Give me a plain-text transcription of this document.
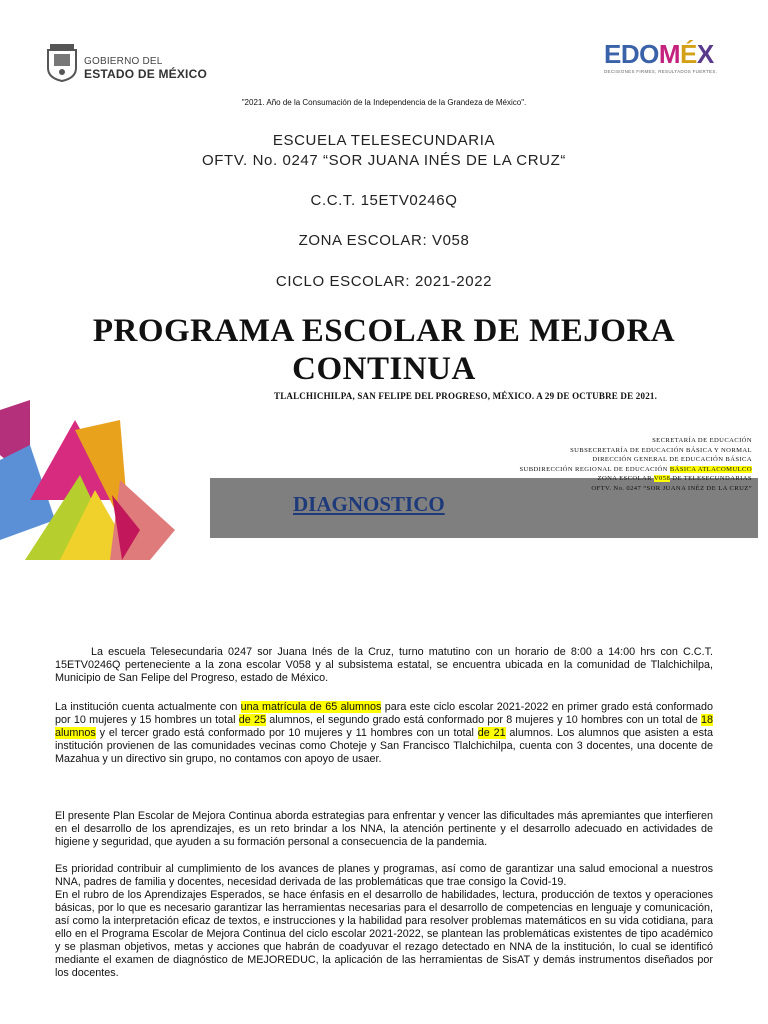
GOBIERNO DEL
ESTADO DE MÉXICO
EDOMÉX
DECISIONES FIRMES, RESULTADOS FUERTES.
"2021. Año de la Consumación de la Independencia de la Grandeza de México".
ESCUELA TELESECUNDARIA
OFTV. No. 0247 “SOR JUANA INÉS DE LA CRUZ“
C.C.T. 15ETV0246Q
ZONA ESCOLAR: V058
CICLO ESCOLAR: 2021-2022
PROGRAMA ESCOLAR DE MEJORA
CONTINUA
TLALCHICHILPA, SAN FELIPE DEL PROGRESO, MÉXICO. A 29 DE OCTUBRE DE 2021.
DIAGNOSTICO
SECRETARÍA DE EDUCACIÓN
SUBSECRETARÍA DE EDUCACIÓN BÁSICA Y NORMAL
DIRECCIÓN GENERAL DE EDUCACIÓN BÁSICA
SUBDIRECCIÓN REGIONAL DE EDUCACIÓN BÁSICA ATLACOMULCO
ZONA ESCOLAR V058 DE TELESECUNDARIAS
OFTV. No. 0247 “SOR JUANA INÉZ DE LA CRUZ”
La escuela Telesecundaria 0247 sor Juana Inés de la Cruz, turno matutino con un horario de 8:00 a 14:00 hrs con C.C.T. 15ETV0246Q perteneciente a la zona escolar V058 y al subsistema estatal, se encuentra ubicada en la comunidad de Tlalchichilpa, Municipio de San Felipe del Progreso, estado de México.
La institución cuenta actualmente con una matrícula de 65 alumnos para este ciclo escolar 2021-2022 en primer grado está conformado por 10 mujeres y 15 hombres un total de 25 alumnos, el segundo grado está conformado por 8 mujeres y 10 hombres con un total de 18 alumnos y el tercer grado está conformado por 10 mujeres y 11 hombres con un total de 21 alumnos. Los alumnos que asisten a esta institución provienen de las comunidades vecinas como Choteje y San Francisco Tlalchichilpa, cuenta con 3 docentes, una docente de Mazahua y un directivo sin grupo, no contamos con apoyo de usaer.
El presente Plan Escolar de Mejora Continua aborda estrategias para enfrentar y vencer las dificultades más apremiantes que interfieren en el desarrollo de los aprendizajes, es un reto brindar a los NNA, la atención pertinente y el desarrollo adecuado en actividades de higiene y seguridad, que ayuden a su formación personal a consecuencia de la pandemia.
Es prioridad contribuir al cumplimiento de los avances de planes y programas, así como de garantizar una salud emocional a nuestros NNA, padres de familia y docentes, necesidad derivada de las problemáticas que trae consigo la Covid-19.
En el rubro de los Aprendizajes Esperados, se hace énfasis en el desarrollo de habilidades, lectura, producción de textos y operaciones básicas, por lo que es necesario garantizar las herramientas necesarias para el desarrollo de competencias en lenguaje y comunicación, así como la interpretación eficaz de textos, e instrucciones y la habilidad para resolver problemas matemáticos en su vida cotidiana, para ello en el Programa Escolar de Mejora Continua del ciclo escolar 2021-2022, se plantean las problemáticas existentes de tipo académico y se plasman objetivos, metas y acciones que habrán de coadyuvar el rezago detectado en NNA de la institución, lo cual se identificó mediante el examen de diagnóstico de MEJOREDUC, la aplicación de las herramientas de SisAT y demás instrumentos diseñados por los docentes.
